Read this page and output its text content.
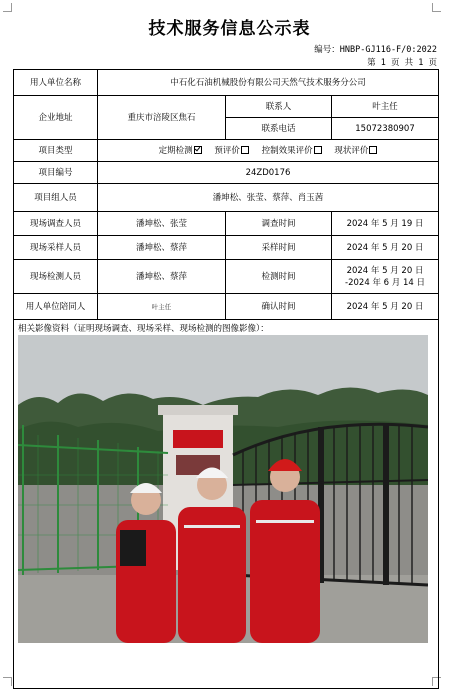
技术服务信息公示表
编号：HNBP-GJ116-F/0:2022
第 1 页 共 1 页
用人单位名称	中石化石油机械股份有限公司天然气技术服务分公司		
企业地址	重庆市涪陵区焦石	联系人	叶主任
		联系电话	15072380907
项目类型	定期检测 预评价 控制效果评价 现状评价		
项目编号	24ZD0176		
项目组人员	潘坤松、张莹、蔡萍、肖玉茜		
现场调查人员	潘坤松、张莹	调查时间	2024 年 5 月 19 日
现场采样人员	潘坤松、蔡萍	采样时间	2024 年 5 月 20 日
现场检测人员	潘坤松、蔡萍	检测时间	2024 年 5 月 20 日
-2024 年 6 月 14 日

用人单位陪同人	叶主任	确认时间	2024 年 5 月 20 日

相关影像资料（证明现场调查、现场采样、现场检测的图像影像）：			
